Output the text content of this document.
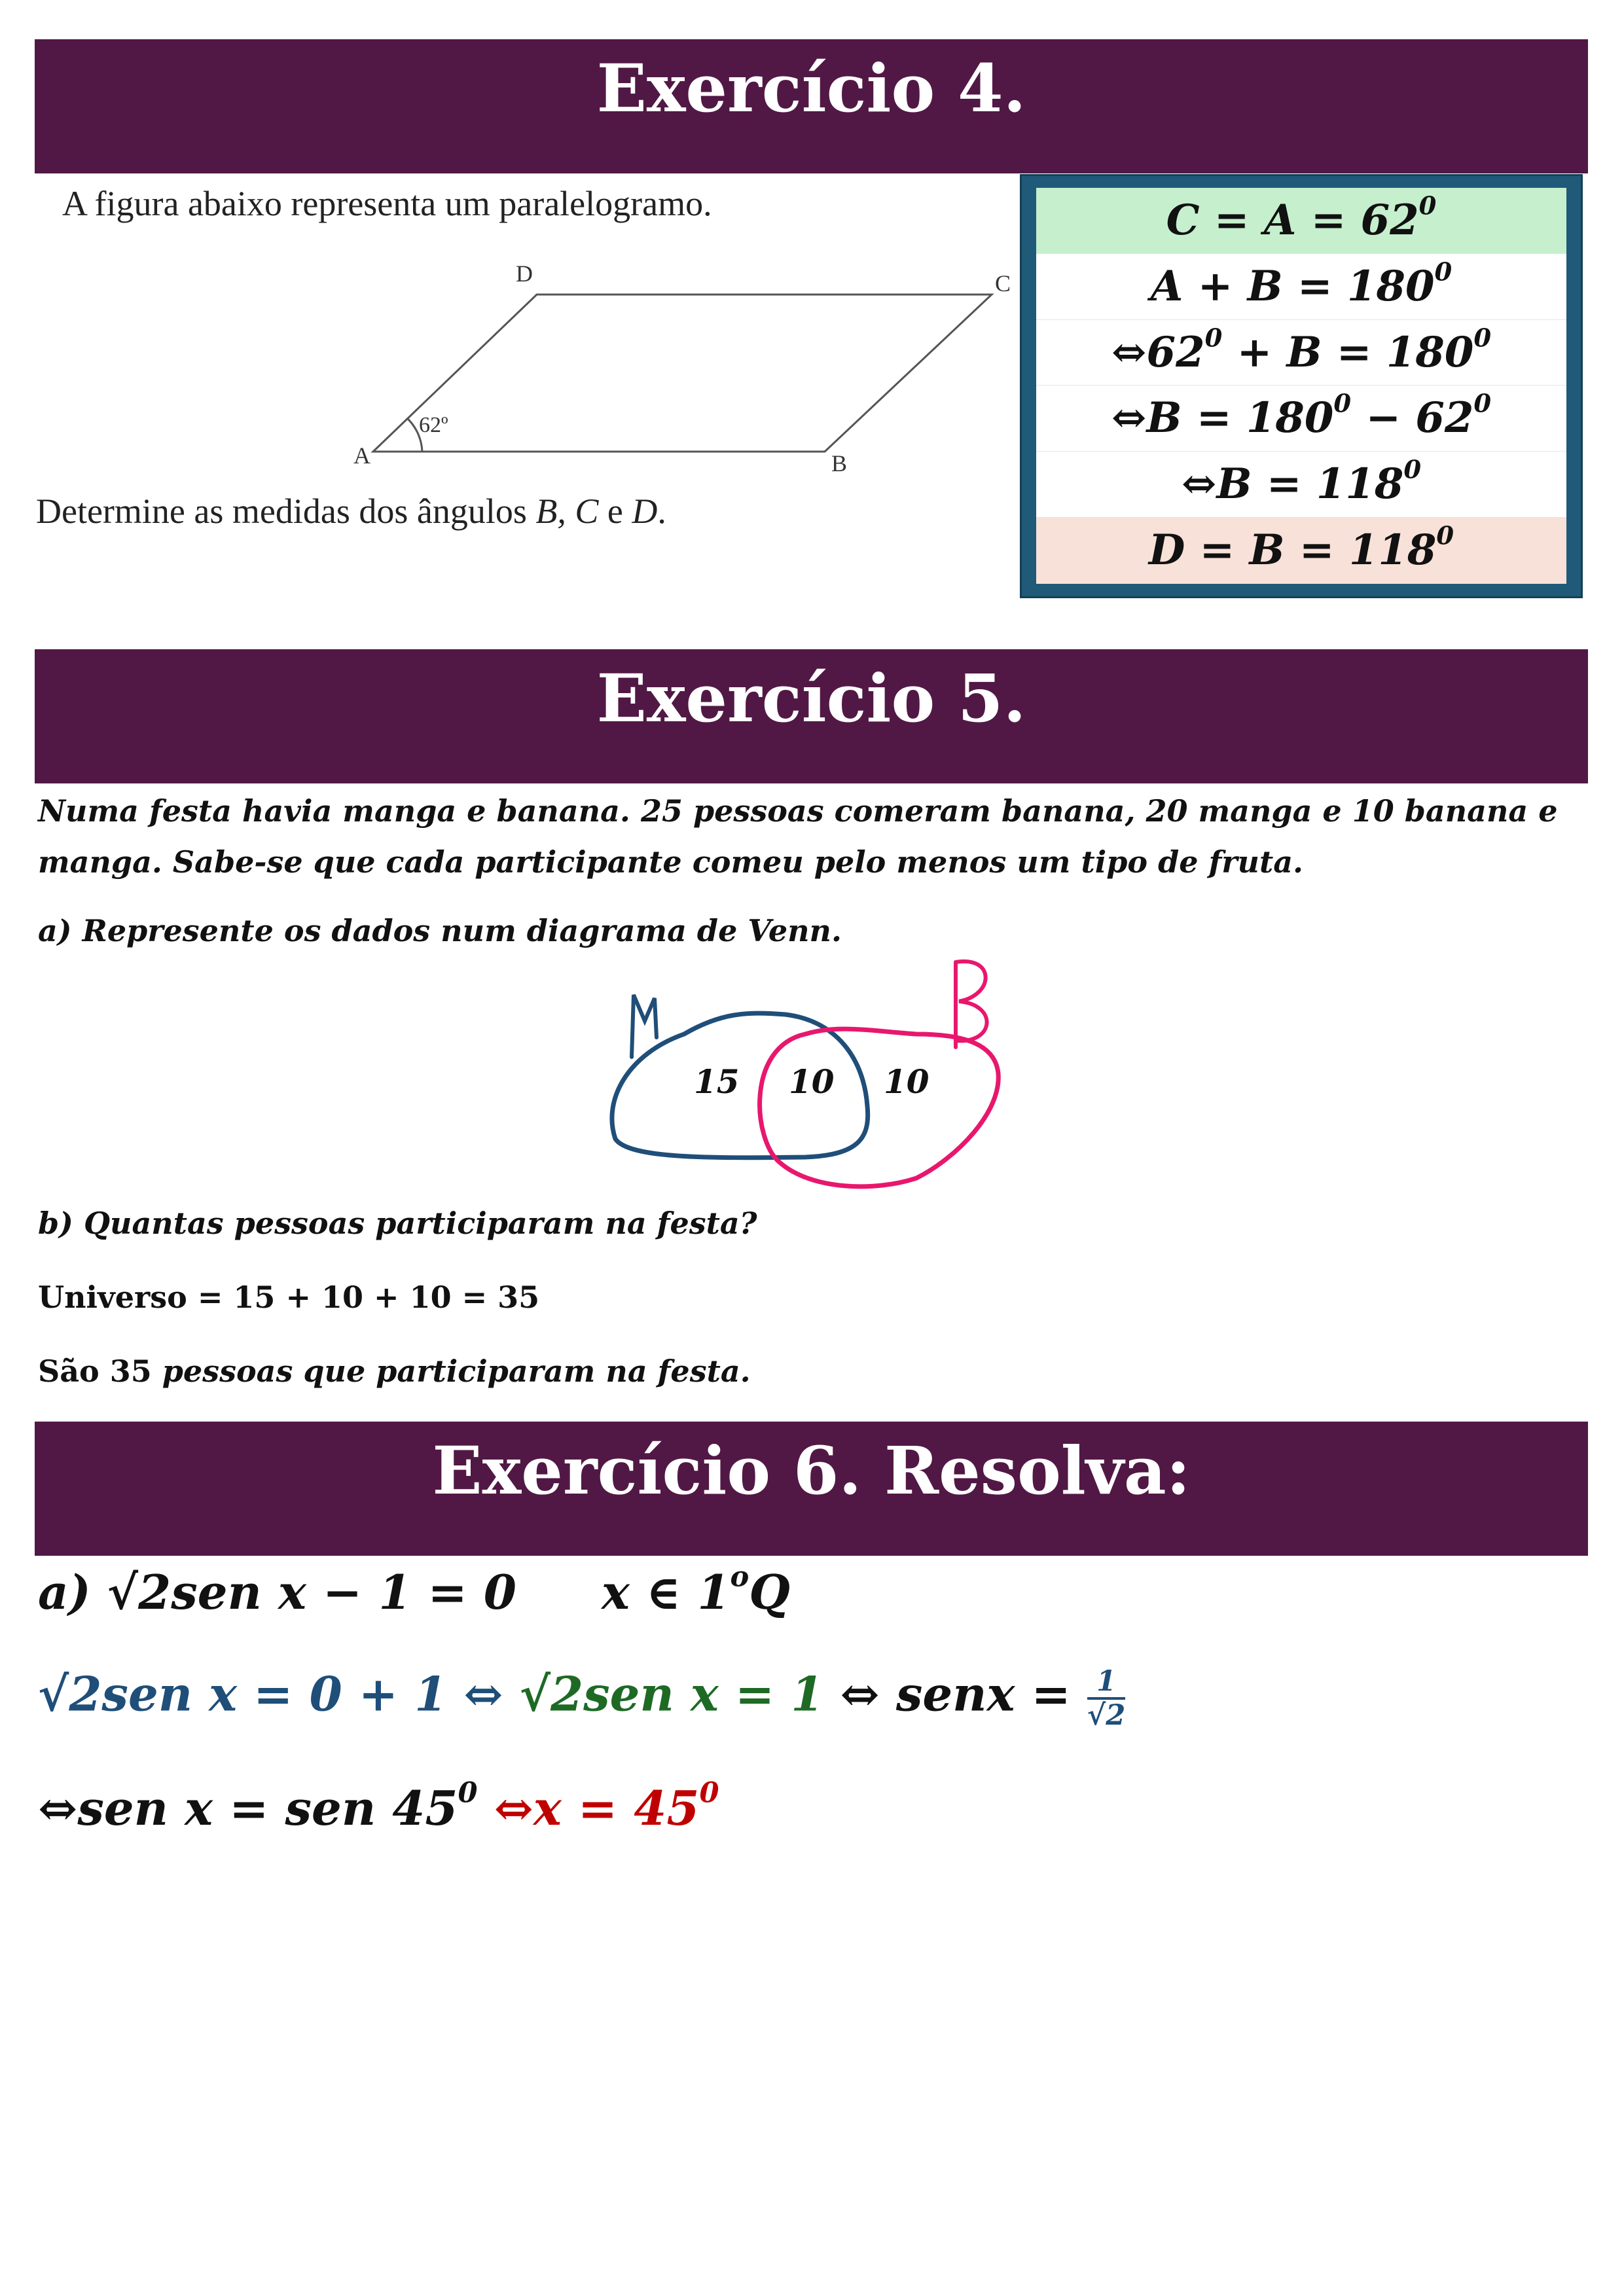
Exercício 4.
A figura abaixo representa um paralelogramo.
A	B
C
D
62º
Determine as medidas dos ângulos B, C e D.
$C = A = 62^0$
$A + B = 180^0$
$\Leftrightarrow 62^0 + B = 180^0$
⇔B = $180^0 - 62^0$
⇔B = $118^0$
$D = B = 118^0$
Exercício 5.
Numa festa havia manga e banana. 25 pessoas comeram banana, 20 manga e 10 banana e manga. Sabe-se que cada participante comeu pelo menos um tipo de fruta.
a) Represente os dados num diagrama de Venn.
15 10 10
b) Quantas pessoas participaram na festa?
Universo = 15 + 10 + 10 = 35
São 35 pessoas que participaram na festa.
Exercício 6. Resolva:
a) √2sen x − 1 = 0 x ∈ 1$^o$Q
√2sen x = 0 + 1 ⇔ √2sen x = 1 ⇔ senx = $\frac{1}{√2}$
⇔sen x = sen $45^0$ ⇔x = $45^0$
